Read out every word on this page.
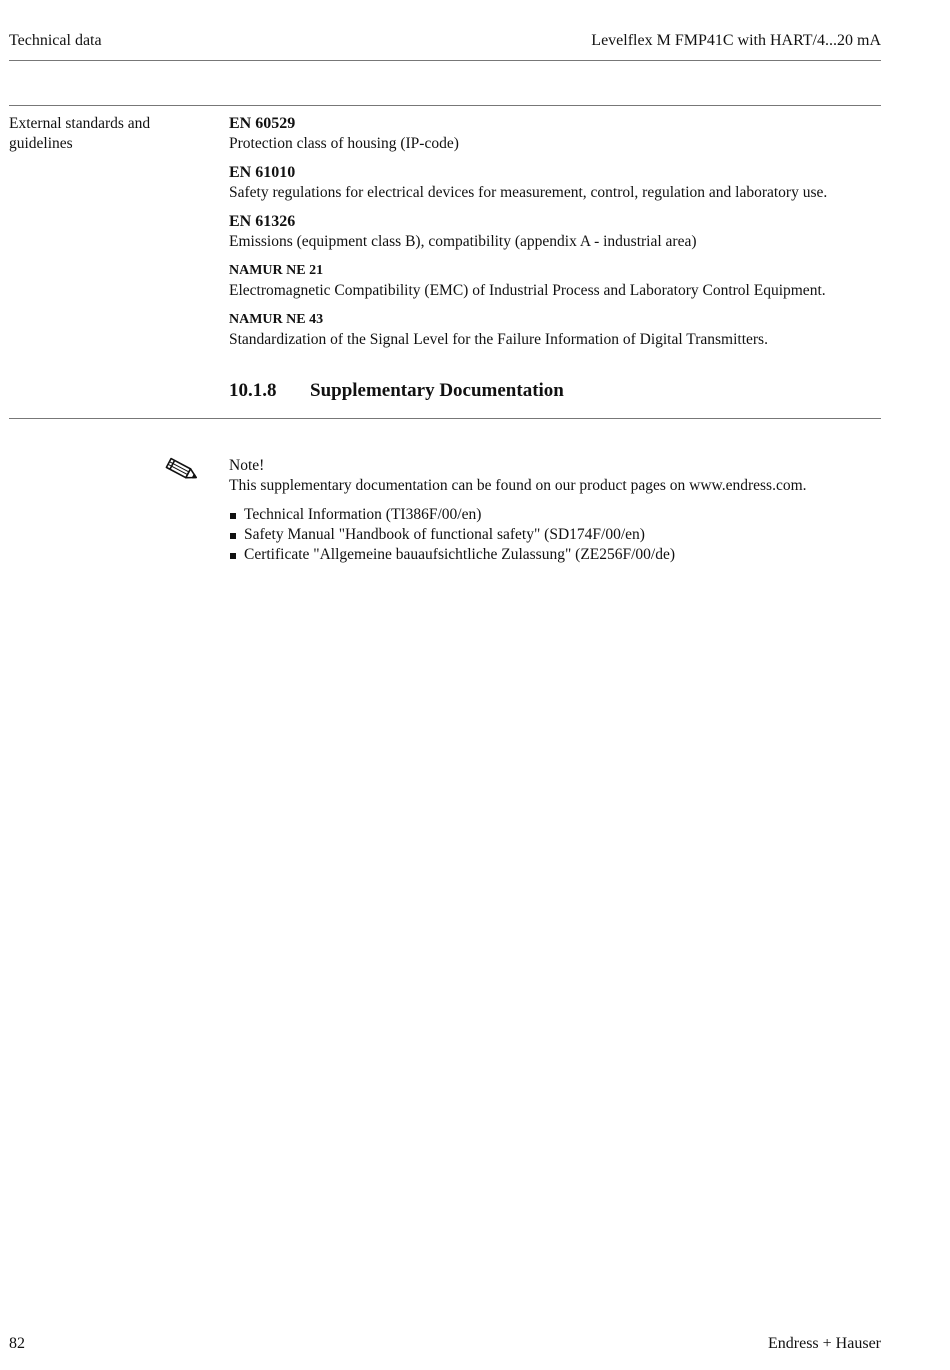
Technical data	Levelflex M FMP41C with HART/4...20 mA
External standards and
guidelines
EN 60529
Protection class of housing (IP-code)
EN 61010
Safety regulations for electrical devices for measurement, control, regulation and laboratory use.
EN 61326
Emissions (equipment class B), compatibility (appendix A - industrial area)
NAMUR NE 21
Electromagnetic Compatibility (EMC) of Industrial Process and Laboratory Control Equipment.
NAMUR NE 43
Standardization of the Signal Level for the Failure Information of Digital Transmitters.
10.1.8 Supplementary Documentation
Note!
This supplementary documentation can be found on our product pages on www.endress.com.
Technical Information (TI386F/00/en)
Safety Manual "Handbook of functional safety" (SD174F/00/en)
Certificate "Allgemeine bauaufsichtliche Zulassung" (ZE256F/00/de)
82	Endress + Hauser
